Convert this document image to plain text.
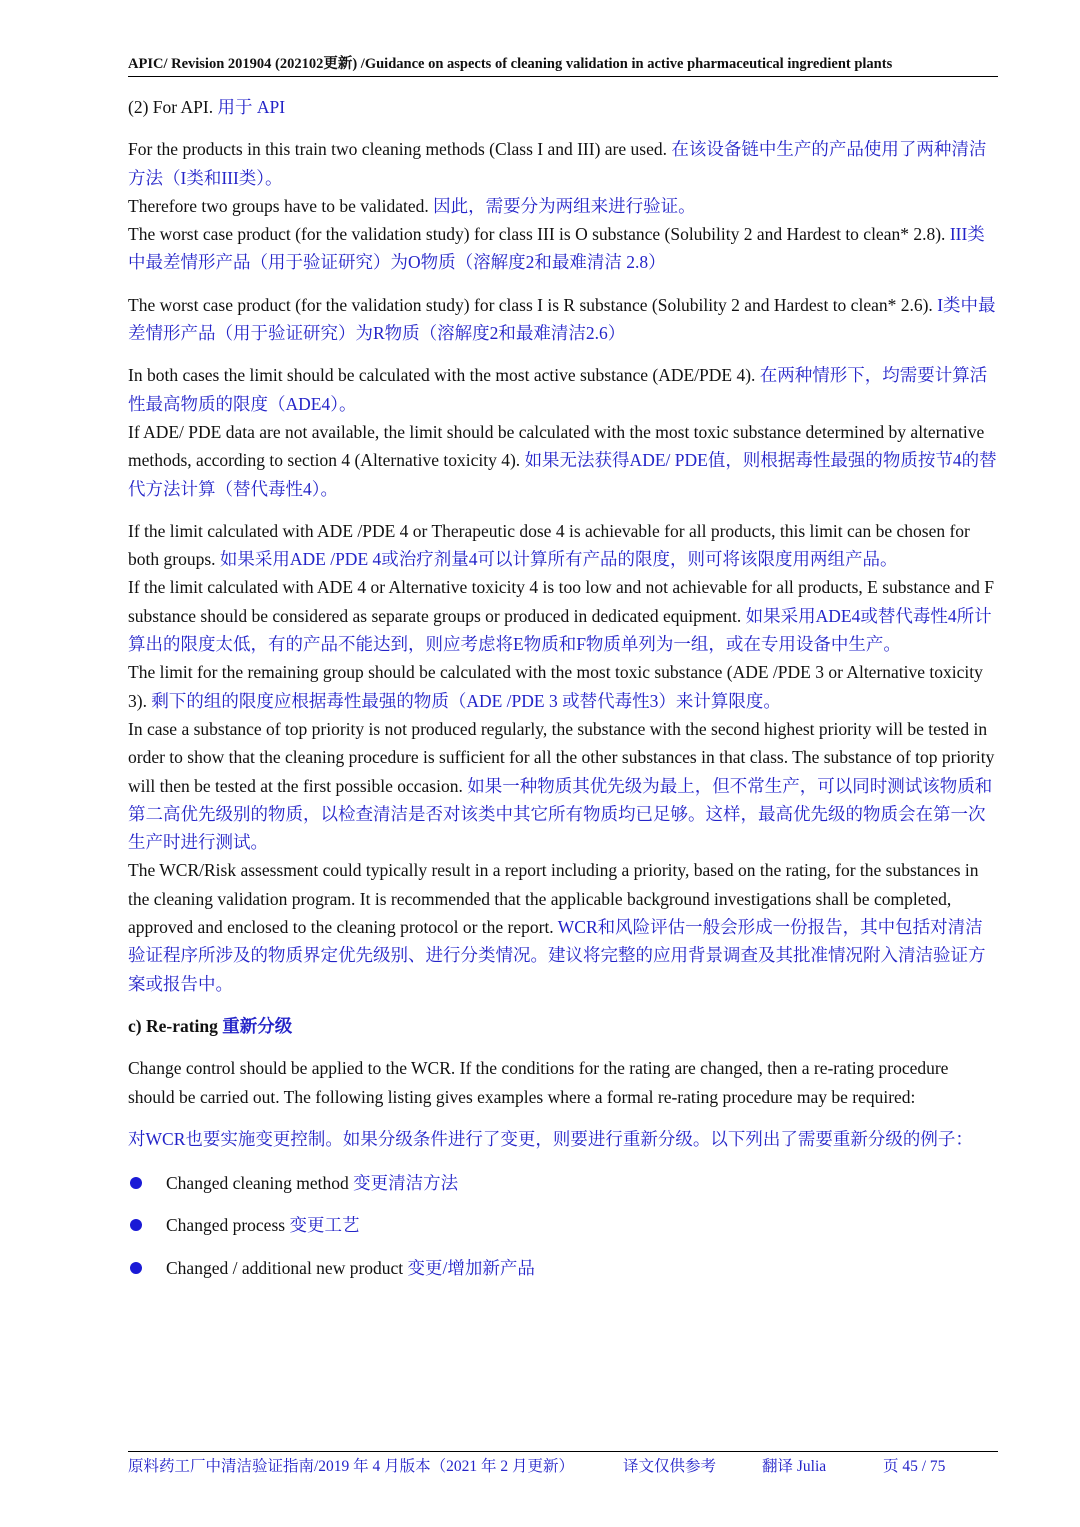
APIC/ Revision 201904 (202102更新) /Guidance on aspects of cleaning validation in active pharmaceutical ingredient plants

(2) For API. 用于 API

For the products in this train two cleaning methods (Class I and III) are used. 在该设备链中生产的产品使用了两种清洁方法（I类和III类）。

Therefore two groups have to be validated. 因此，需要分为两组来进行验证。

The worst case product (for the validation study) for class III is O substance (Solubility 2 and Hardest to clean* 2.8). III类中最差情形产品（用于验证研究）为O物质（溶解度2和最难清洁 2.8）

The worst case product (for the validation study) for class I is R substance (Solubility 2 and Hardest to clean* 2.6). I类中最差情形产品（用于验证研究）为R物质（溶解度2和最难清洁2.6）

In both cases the limit should be calculated with the most active substance (ADE/PDE 4). 在两种情形下，均需要计算活性最高物质的限度（ADE4）。

If ADE/ PDE data are not available, the limit should be calculated with the most toxic substance determined by alternative methods, according to section 4 (Alternative toxicity 4). 如果无法获得ADE/ PDE值，则根据毒性最强的物质按节4的替代方法计算（替代毒性4）。

If the limit calculated with ADE /PDE 4 or Therapeutic dose 4 is achievable for all products, this limit can be chosen for both groups. 如果采用ADE /PDE 4或治疗剂量4可以计算所有产品的限度，则可将该限度用两组产品。

If the limit calculated with ADE 4 or Alternative toxicity 4 is too low and not achievable for all products, E substance and F substance should be considered as separate groups or produced in dedicated equipment. 如果采用ADE4或替代毒性4所计算出的限度太低，有的产品不能达到，则应考虑将E物质和F物质单列为一组，或在专用设备中生产。

The limit for the remaining group should be calculated with the most toxic substance (ADE /PDE 3 or Alternative toxicity 3). 剩下的组的限度应根据毒性最强的物质（ADE /PDE 3 或替代毒性3）来计算限度。

In case a substance of top priority is not produced regularly, the substance with the second highest priority will be tested in order to show that the cleaning procedure is sufficient for all the other substances in that class. The substance of top priority will then be tested at the first possible occasion. 如果一种物质其优先级为最上，但不常生产，可以同时测试该物质和第二高优先级别的物质，以检查清洁是否对该类中其它所有物质均已足够。这样，最高优先级的物质会在第一次生产时进行测试。

The WCR/Risk assessment could typically result in a report including a priority, based on the rating, for the substances in the cleaning validation program. It is recommended that the applicable background investigations shall be completed, approved and enclosed to the cleaning protocol or the report. WCR和风险评估一般会形成一份报告，其中包括对清洁验证程序所涉及的物质界定优先级别、进行分类情况。建议将完整的应用背景调查及其批准情况附入清洁验证方案或报告中。

c) Re-rating 重新分级

Change control should be applied to the WCR. If the conditions for the rating are changed, then a re-rating procedure should be carried out. The following listing gives examples where a formal re-rating procedure may be required:

对WCR也要实施变更控制。如果分级条件进行了变更，则要进行重新分级。以下列出了需要重新分级的例子：

Changed cleaning method 变更清洁方法
Changed process 变更工艺
Changed / additional new product 变更/增加新产品
原料药工厂中清洁验证指南/2019 年 4 月版本（2021 年 2 月更新）	译文仅供参考	翻译 Julia	页 45 / 75
